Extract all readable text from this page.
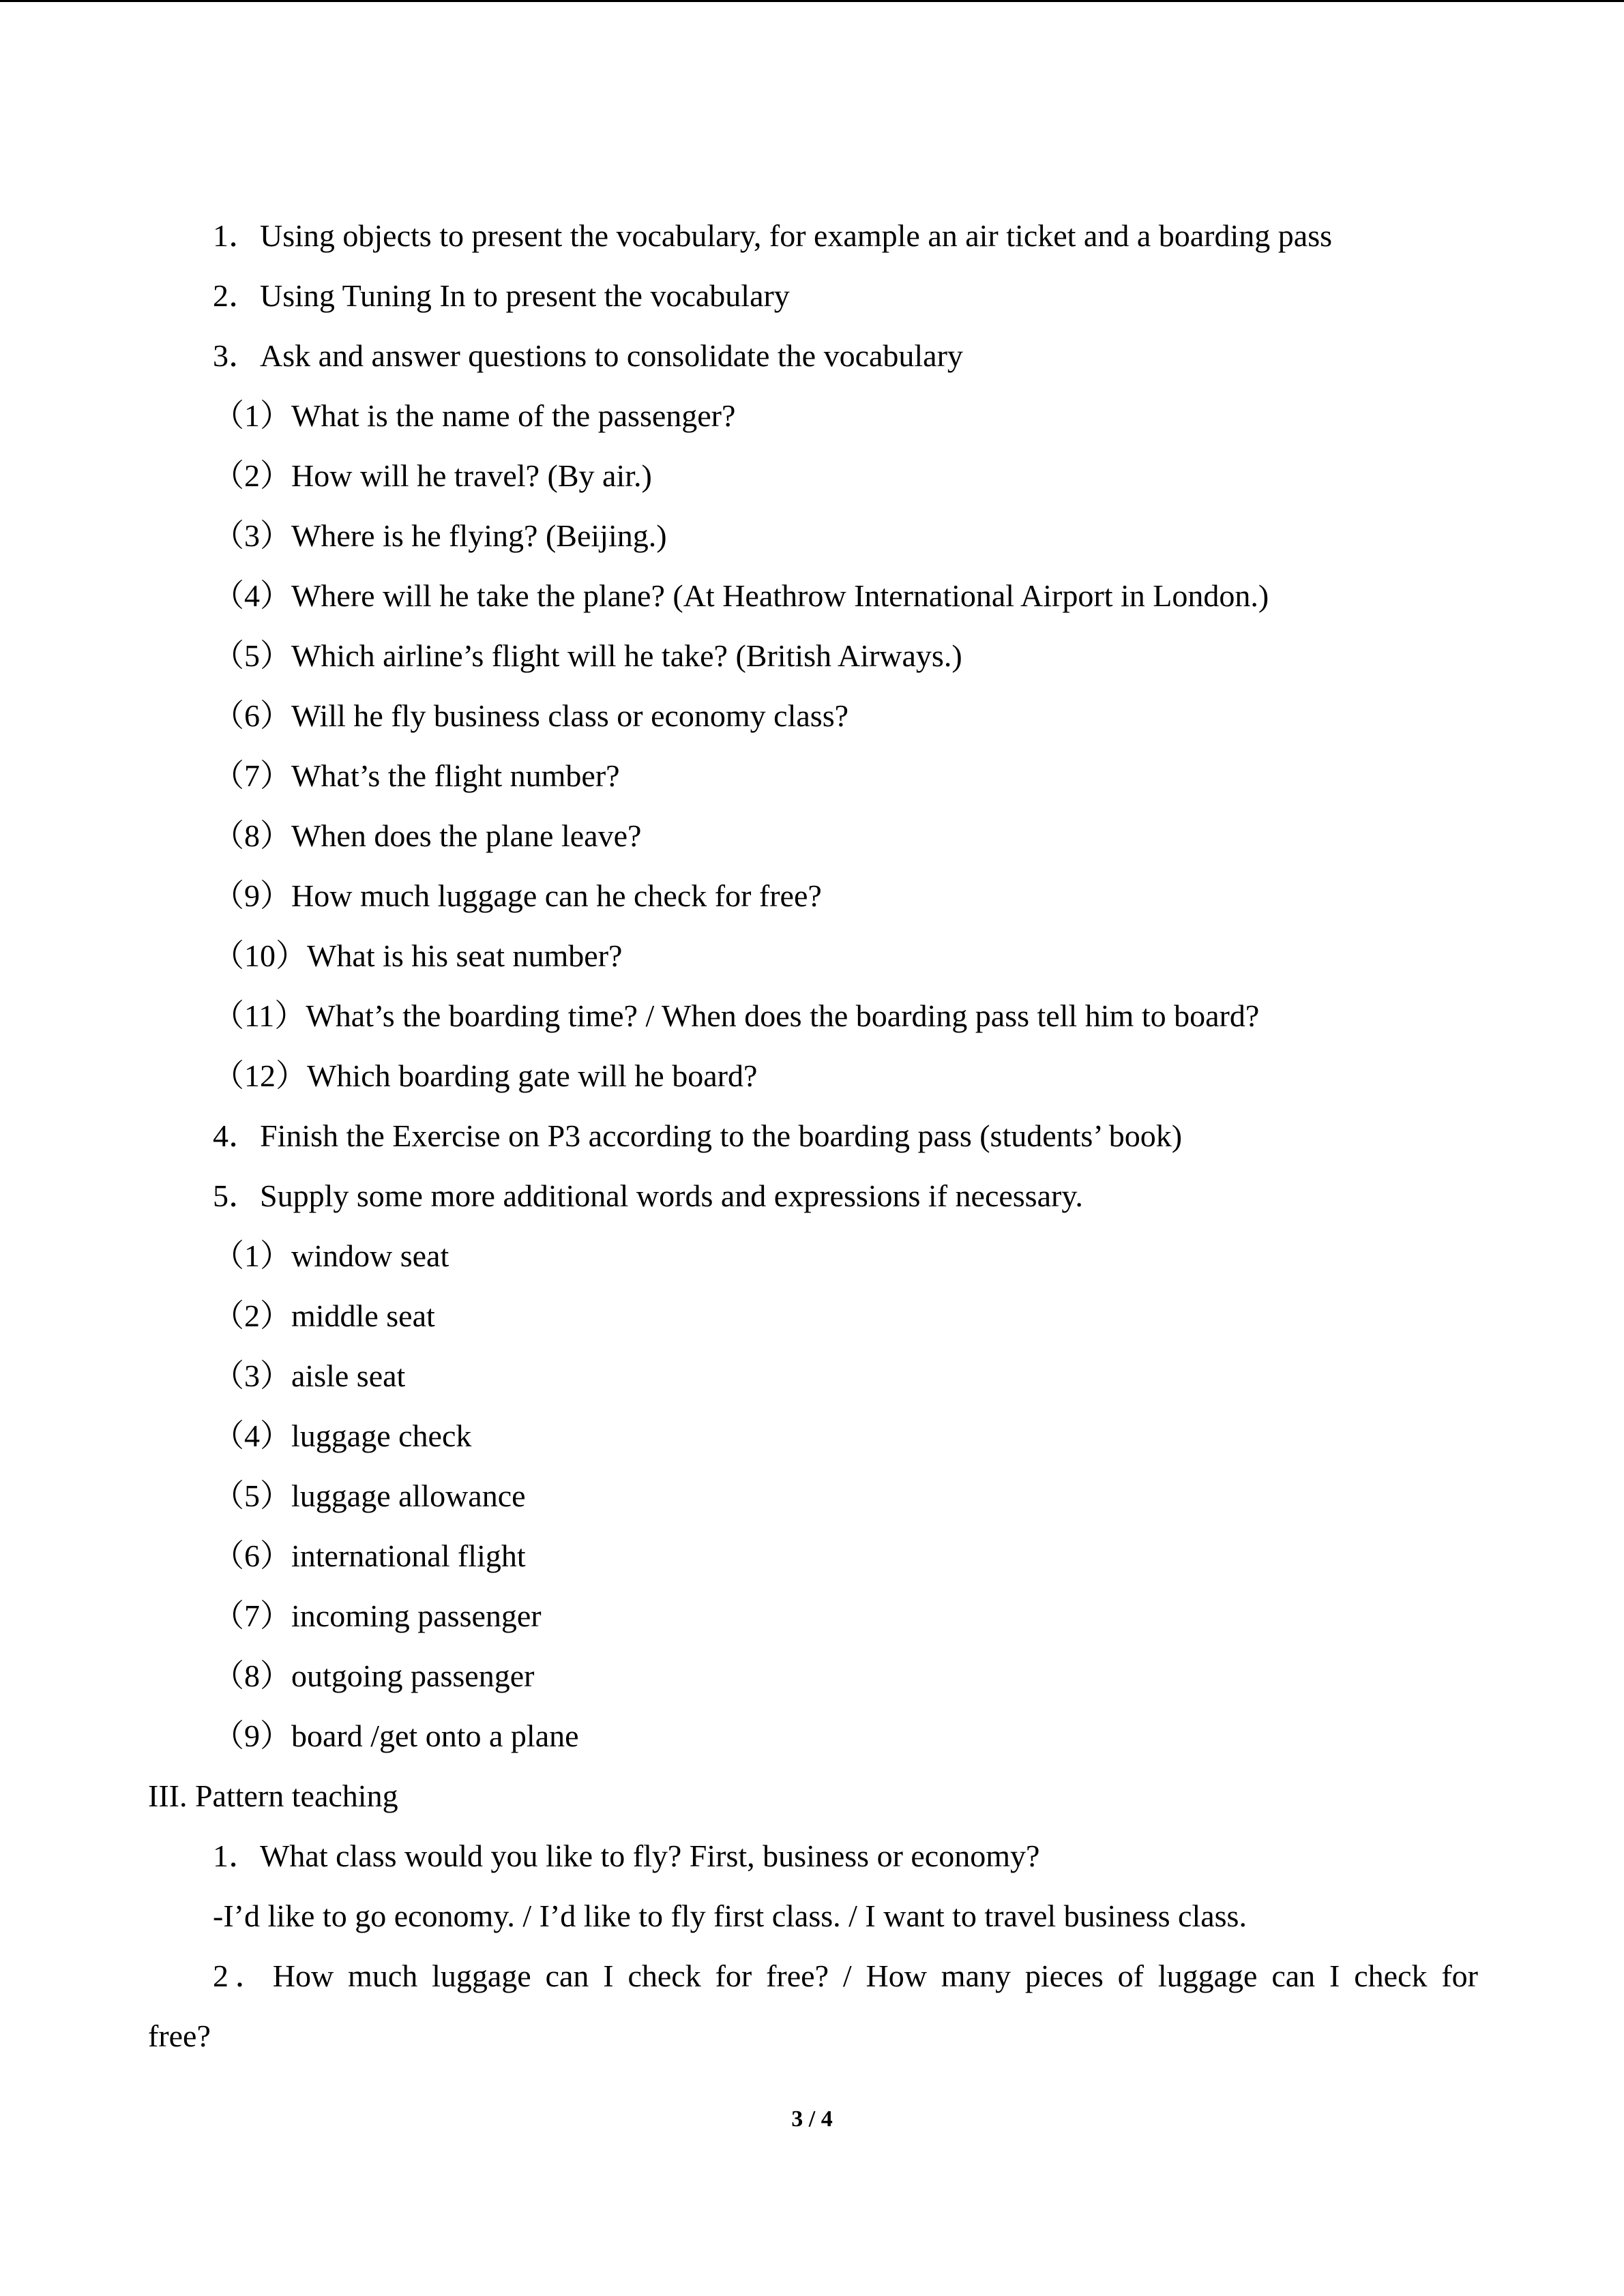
1．Using objects to present the vocabulary, for example an air ticket and a boarding pass
2．Using Tuning In to present the vocabulary
3．Ask and answer questions to consolidate the vocabulary
（1）What is the name of the passenger?
（2）How will he travel? (By air.)
（3）Where is he flying? (Beijing.)
（4）Where will he take the plane? (At Heathrow International Airport in London.)
（5）Which airline’s flight will he take? (British Airways.)
（6）Will he fly business class or economy class?
（7）What’s the flight number?
（8）When does the plane leave?
（9）How much luggage can he check for free?
（10）What is his seat number?
（11）What’s the boarding time? / When does the boarding pass tell him to board?
（12）Which boarding gate will he board?
4．Finish the Exercise on P3 according to the boarding pass (students’ book)
5．Supply some more additional words and expressions if necessary.
（1）window seat
（2）middle seat
（3）aisle seat
（4）luggage check
（5）luggage allowance
（6）international flight
（7）incoming passenger
（8）outgoing passenger
（9）board /get onto a plane
III. Pattern teaching
1．What class would you like to fly? First, business or economy?
-I’d like to go economy. / I’d like to fly first class. / I want to travel business class.
2．How much luggage can I check for free? / How many pieces of luggage can I check for
free?
3 / 4
